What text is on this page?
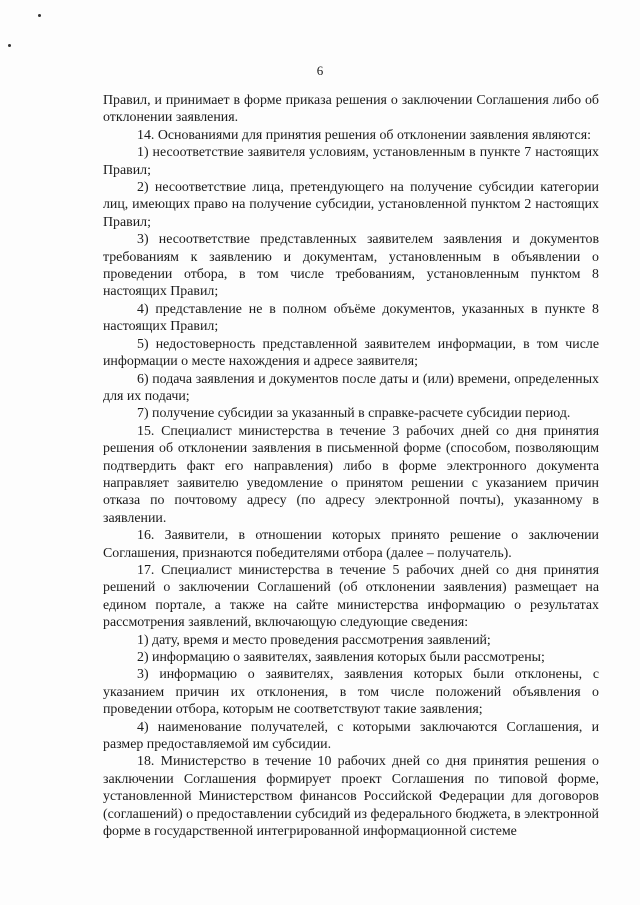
6

Правил, и принимает в форме приказа решения о заключении Соглашения либо об отклонении заявления.

14. Основаниями для принятия решения об отклонении заявления являются:

1) несоответствие заявителя условиям, установленным в пункте 7 настоящих Правил;

2) несоответствие лица, претендующего на получение субсидии категории лиц, имеющих право на получение субсидии, установленной пунктом 2 настоящих Правил;

3) несоответствие представленных заявителем заявления и документов требованиям к заявлению и документам, установленным в объявлении о проведении отбора, в том числе требованиям, установленным пунктом 8 настоящих Правил;

4) представление не в полном объёме документов, указанных в пункте 8 настоящих Правил;

5) недостоверность представленной заявителем информации, в том числе информации о месте нахождения и адресе заявителя;

6) подача заявления и документов после даты и (или) времени, определенных для их подачи;

7) получение субсидии за указанный в справке-расчете субсидии период.

15. Специалист министерства в течение 3 рабочих дней со дня принятия решения об отклонении заявления в письменной форме (способом, позволяющим подтвердить факт его направления) либо в форме электронного документа направляет заявителю уведомление о принятом решении с указанием причин отказа по почтовому адресу (по адресу электронной почты), указанному в заявлении.

16. Заявители, в отношении которых принято решение о заключении Соглашения, признаются победителями отбора (далее – получатель).

17. Специалист министерства в течение 5 рабочих дней со дня принятия решений о заключении Соглашений (об отклонении заявления) размещает на едином портале, а также на сайте министерства информацию о результатах рассмотрения заявлений, включающую следующие сведения:

1) дату, время и место проведения рассмотрения заявлений;

2) информацию о заявителях, заявления которых были рассмотрены;

3) информацию о заявителях, заявления которых были отклонены, с указанием причин их отклонения, в том числе положений объявления о проведении отбора, которым не соответствуют такие заявления;

4) наименование получателей, с которыми заключаются Соглашения, и размер предоставляемой им субсидии.

18. Министерство в течение 10 рабочих дней со дня принятия решения о заключении Соглашения формирует проект Соглашения по типовой форме, установленной Министерством финансов Российской Федерации для договоров (соглашений) о предоставлении субсидий из федерального бюджета, в электронной форме в государственной интегрированной информационной системе
